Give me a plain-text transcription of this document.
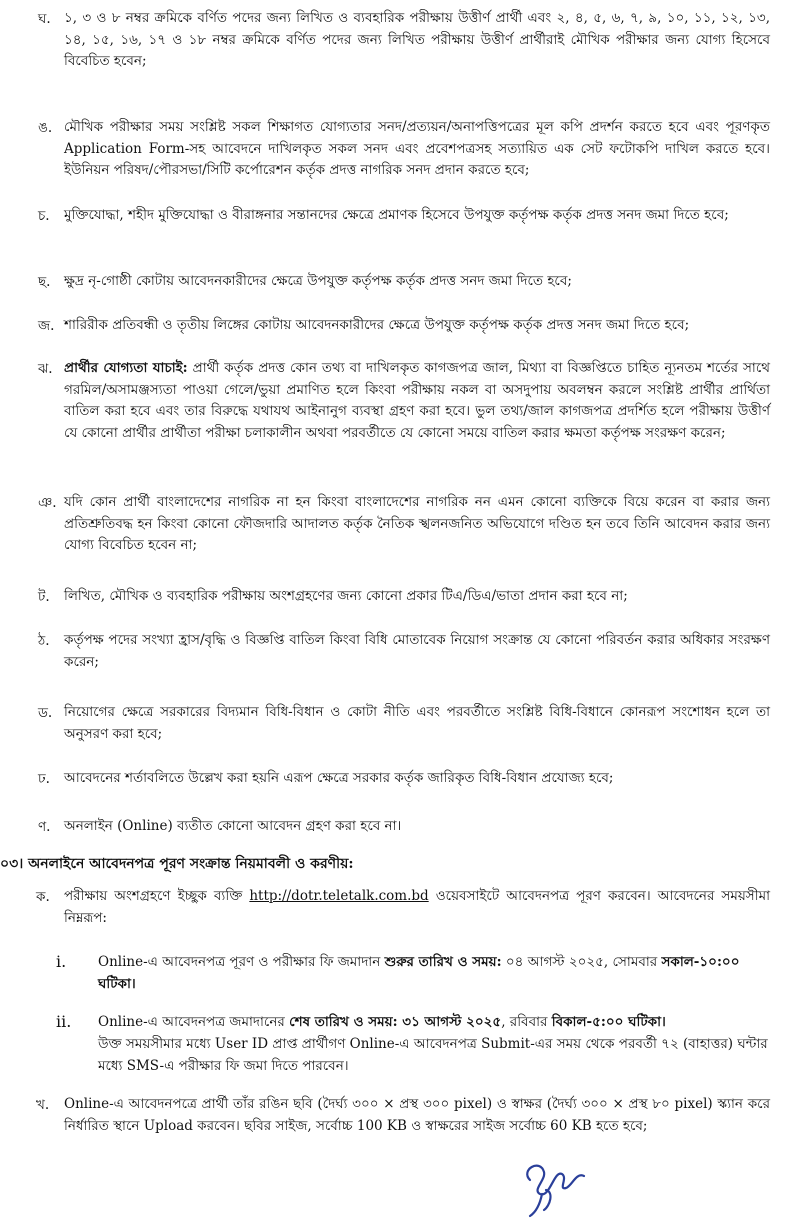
ঘ. ১, ৩ ও ৮ নম্বর ক্রমিকে বর্ণিত পদের জন্য লিখিত ও ব্যবহারিক পরীক্ষায় উত্তীর্ণ প্রার্থী এবং ২, ৪, ৫, ৬, ৭, ৯, ১০, ১১, ১২, ১৩, ১৪, ১৫, ১৬, ১৭ ও ১৮ নম্বর ক্রমিকে বর্ণিত পদের জন্য লিখিত পরীক্ষায় উত্তীর্ণ প্রার্থীরাই মৌখিক পরীক্ষার জন্য যোগ্য হিসেবে বিবেচিত হবেন;
ঙ. মৌখিক পরীক্ষার সময় সংশ্লিষ্ট সকল শিক্ষাগত যোগ্যতার সনদ/প্রত্যয়ন/অনাপত্তিপত্রের মূল কপি প্রদর্শন করতে হবে এবং পূরণকৃত Application Form-সহ আবেদনে দাখিলকৃত সকল সনদ এবং প্রবেশপত্রসহ সত্যায়িত এক সেট ফটোকপি দাখিল করতে হবে। ইউনিয়ন পরিষদ/পৌরসভা/সিটি কর্পোরেশন কর্তৃক প্রদত্ত নাগরিক সনদ প্রদান করতে হবে;
চ. মুক্তিযোদ্ধা, শহীদ মুক্তিযোদ্ধা ও বীরাঙ্গনার সন্তানদের ক্ষেত্রে প্রমাণক হিসেবে উপযুক্ত কর্তৃপক্ষ কর্তৃক প্রদত্ত সনদ জমা দিতে হবে;
ছ. ক্ষুদ্র নৃ-গোষ্ঠী কোটায় আবেদনকারীদের ক্ষেত্রে উপযুক্ত কর্তৃপক্ষ কর্তৃক প্রদত্ত সনদ জমা দিতে হবে;
জ. শারিরীক প্রতিবন্ধী ও তৃতীয় লিঙ্গের কোটায় আবেদনকারীদের ক্ষেত্রে উপযুক্ত কর্তৃপক্ষ কর্তৃক প্রদত্ত সনদ জমা দিতে হবে;
ঝ. প্রার্থীর যোগ্যতা যাচাই: প্রার্থী কর্তৃক প্রদত্ত কোন তথ্য বা দাখিলকৃত কাগজপত্র জাল, মিথ্যা বা বিজ্ঞপ্তিতে চাহিত ন্যূনতম শর্তের সাথে গরমিল/অসামঞ্জস্যতা পাওয়া গেলে/ভুয়া প্রমাণিত হলে কিংবা পরীক্ষায় নকল বা অসদুপায় অবলম্বন করলে সংশ্লিষ্ট প্রার্থীর প্রার্থিতা বাতিল করা হবে এবং তার বিরুদ্ধে যথাযথ আইনানুগ ব্যবস্থা গ্রহণ করা হবে। ভুল তথ্য/জাল কাগজপত্র প্রদর্শিত হলে পরীক্ষায় উত্তীর্ণ যে কোনো প্রার্থীর প্রার্থীতা পরীক্ষা চলাকালীন অথবা পরবর্তীতে যে কোনো সময়ে বাতিল করার ক্ষমতা কর্তৃপক্ষ সংরক্ষণ করেন;
ঞ. যদি কোন প্রার্থী বাংলাদেশের নাগরিক না হন কিংবা বাংলাদেশের নাগরিক নন এমন কোনো ব্যক্তিকে বিয়ে করেন বা করার জন্য প্রতিশ্রুতিবদ্ধ হন কিংবা কোনো ফৌজদারি আদালত কর্তৃক নৈতিক স্খলনজনিত অভিযোগে দণ্ডিত হন তবে তিনি আবেদন করার জন্য যোগ্য বিবেচিত হবেন না;
ট. লিখিত, মৌখিক ও ব্যবহারিক পরীক্ষায় অংশগ্রহণের জন্য কোনো প্রকার টিএ/ডিএ/ভাতা প্রদান করা হবে না;
ঠ. কর্তৃপক্ষ পদের সংখ্যা হ্রাস/বৃদ্ধি ও বিজ্ঞপ্তি বাতিল কিংবা বিধি মোতাবেক নিয়োগ সংক্রান্ত যে কোনো পরিবর্তন করার অধিকার সংরক্ষণ করেন;
ড. নিয়োগের ক্ষেত্রে সরকারের বিদ্যমান বিধি-বিধান ও কোটা নীতি এবং পরবর্তীতে সংশ্লিষ্ট বিধি-বিধানে কোনরূপ সংশোধন হলে তা অনুসরণ করা হবে;
ঢ. আবেদনের শর্তাবলিতে উল্লেখ করা হয়নি এরূপ ক্ষেত্রে সরকার কর্তৃক জারিকৃত বিধি-বিধান প্রযোজ্য হবে;
ণ. অনলাইন (Online) ব্যতীত কোনো আবেদন গ্রহণ করা হবে না।
০৩। অনলাইনে আবেদনপত্র পূরণ সংক্রান্ত নিয়মাবলী ও করণীয়:
ক. পরীক্ষায় অংশগ্রহণে ইচ্ছুক ব্যক্তি http://dotr.teletalk.com.bd ওয়েবসাইটে আবেদনপত্র পূরণ করবেন। আবেদনের সময়সীমা নিম্নরূপ:
i. Online-এ আবেদনপত্র পূরণ ও পরীক্ষার ফি জমাদান শুরুর তারিখ ও সময়: ০৪ আগস্ট ২০২৫, সোমবার সকাল-১০:০০ ঘটিকা।
ii. Online-এ আবেদনপত্র জমাদানের শেষ তারিখ ও সময়: ৩১ আগস্ট ২০২৫, রবিবার বিকাল-৫:০০ ঘটিকা।
উক্ত সময়সীমার মধ্যে User ID প্রাপ্ত প্রার্থীগণ Online-এ আবেদনপত্র Submit-এর সময় থেকে পরবর্তী ৭২ (বাহাত্তর) ঘন্টার মধ্যে SMS-এ পরীক্ষার ফি জমা দিতে পারবেন।
খ. Online-এ আবেদনপত্রে প্রার্থী তাঁর রঙিন ছবি (দৈর্ঘ্য ৩০০ × প্রস্থ ৩০০ pixel) ও স্বাক্ষর (দৈর্ঘ্য ৩০০ × প্রস্থ ৮০ pixel) স্ক্যান করে নির্ধারিত স্থানে Upload করবেন। ছবির সাইজ, সর্বোচ্চ 100 KB ও স্বাক্ষরের সাইজ সর্বোচ্চ 60 KB হতে হবে;
